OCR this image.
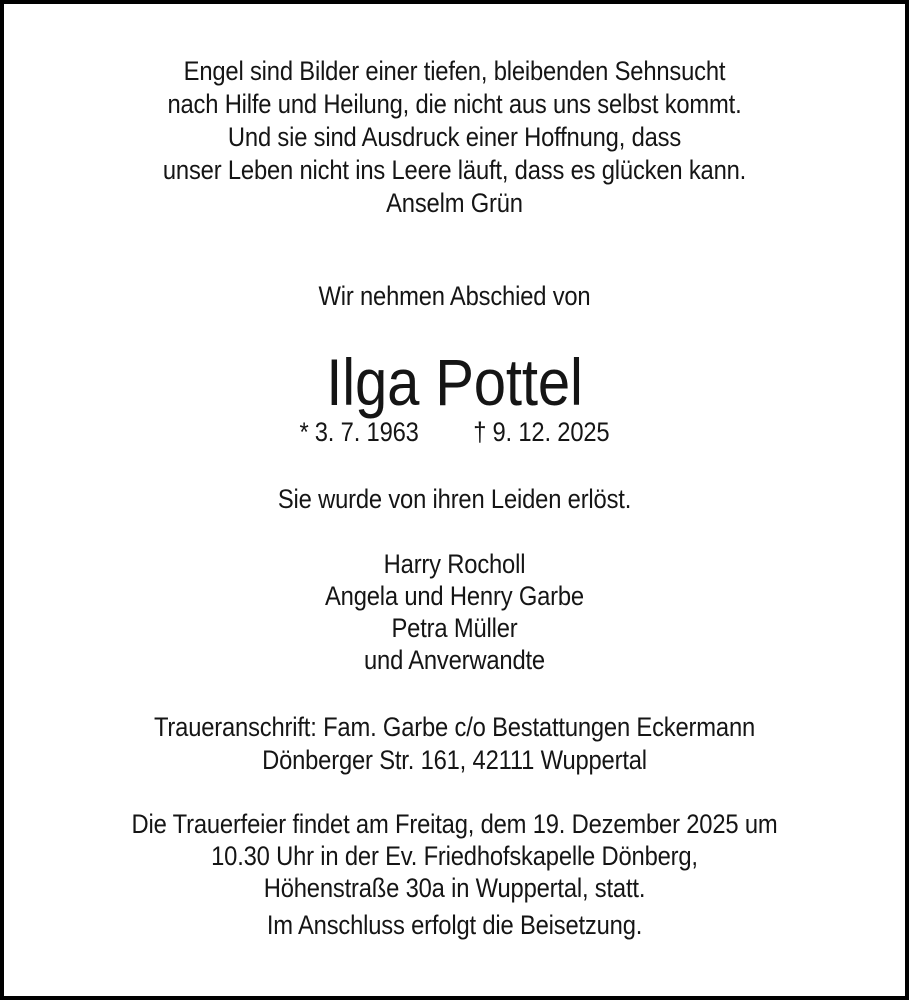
Engel sind Bilder einer tiefen, bleibenden Sehnsucht
nach Hilfe und Heilung, die nicht aus uns selbst kommt.
Und sie sind Ausdruck einer Hoffnung, dass
unser Leben nicht ins Leere läuft, dass es glücken kann.
Anselm Grün
Wir nehmen Abschied von
Ilga Pottel
* 3. 7. 1963 † 9. 12. 2025
Sie wurde von ihren Leiden erlöst.
Harry Rocholl
Angela und Henry Garbe
Petra Müller
und Anverwandte
Traueranschrift: Fam. Garbe c/o Bestattungen Eckermann
Dönberger Str. 161, 42111 Wuppertal
Die Trauerfeier findet am Freitag, dem 19. Dezember 2025 um
10.30 Uhr in der Ev. Friedhofskapelle Dönberg,
Höhenstraße 30a in Wuppertal, statt.
Im Anschluss erfolgt die Beisetzung.
